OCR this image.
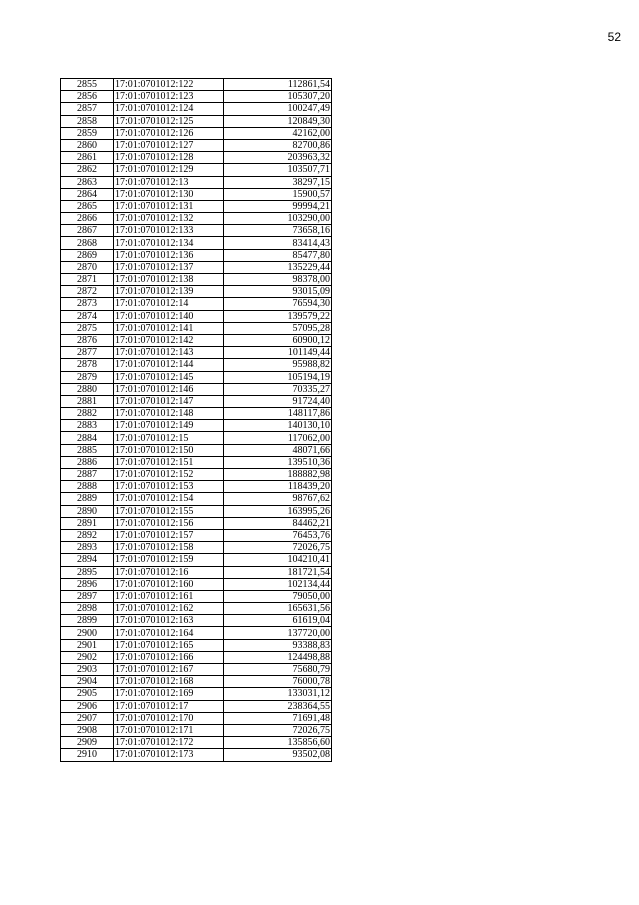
52
2855	17:01:0701012:122	112861,54
2856	17:01:0701012:123	105307,20
2857	17:01:0701012:124	100247,49
2858	17:01:0701012:125	120849,30
2859	17:01:0701012:126	42162,00
2860	17:01:0701012:127	82700,86
2861	17:01:0701012:128	203963,32
2862	17:01:0701012:129	103507,71
2863	17:01:0701012:13	38297,15
2864	17:01:0701012:130	15900,57
2865	17:01:0701012:131	99994,21
2866	17:01:0701012:132	103290,00
2867	17:01:0701012:133	73658,16
2868	17:01:0701012:134	83414,43
2869	17:01:0701012:136	85477,80
2870	17:01:0701012:137	135229,44
2871	17:01:0701012:138	98378,00
2872	17:01:0701012:139	93015,09
2873	17:01:0701012:14	76594,30
2874	17:01:0701012:140	139579,22
2875	17:01:0701012:141	57095,28
2876	17:01:0701012:142	60900,12
2877	17:01:0701012:143	101149,44
2878	17:01:0701012:144	95988,82
2879	17:01:0701012:145	105194,19
2880	17:01:0701012:146	70335,27
2881	17:01:0701012:147	91724,40
2882	17:01:0701012:148	148117,86
2883	17:01:0701012:149	140130,10
2884	17:01:0701012:15	117062,00
2885	17:01:0701012:150	48071,66
2886	17:01:0701012:151	139510,36
2887	17:01:0701012:152	188882,98
2888	17:01:0701012:153	118439,20
2889	17:01:0701012:154	98767,62
2890	17:01:0701012:155	163995,26
2891	17:01:0701012:156	84462,21
2892	17:01:0701012:157	76453,76
2893	17:01:0701012:158	72026,75
2894	17:01:0701012:159	104210,41
2895	17:01:0701012:16	181721,54
2896	17:01:0701012:160	102134,44
2897	17:01:0701012:161	79050,00
2898	17:01:0701012:162	165631,56
2899	17:01:0701012:163	61619,04
2900	17:01:0701012:164	137720,00
2901	17:01:0701012:165	93388,83
2902	17:01:0701012:166	124498,88
2903	17:01:0701012:167	75680,79
2904	17:01:0701012:168	76000,78
2905	17:01:0701012:169	133031,12
2906	17:01:0701012:17	238364,55
2907	17:01:0701012:170	71691,48
2908	17:01:0701012:171	72026,75
2909	17:01:0701012:172	135856,60
2910	17:01:0701012:173	93502,08
